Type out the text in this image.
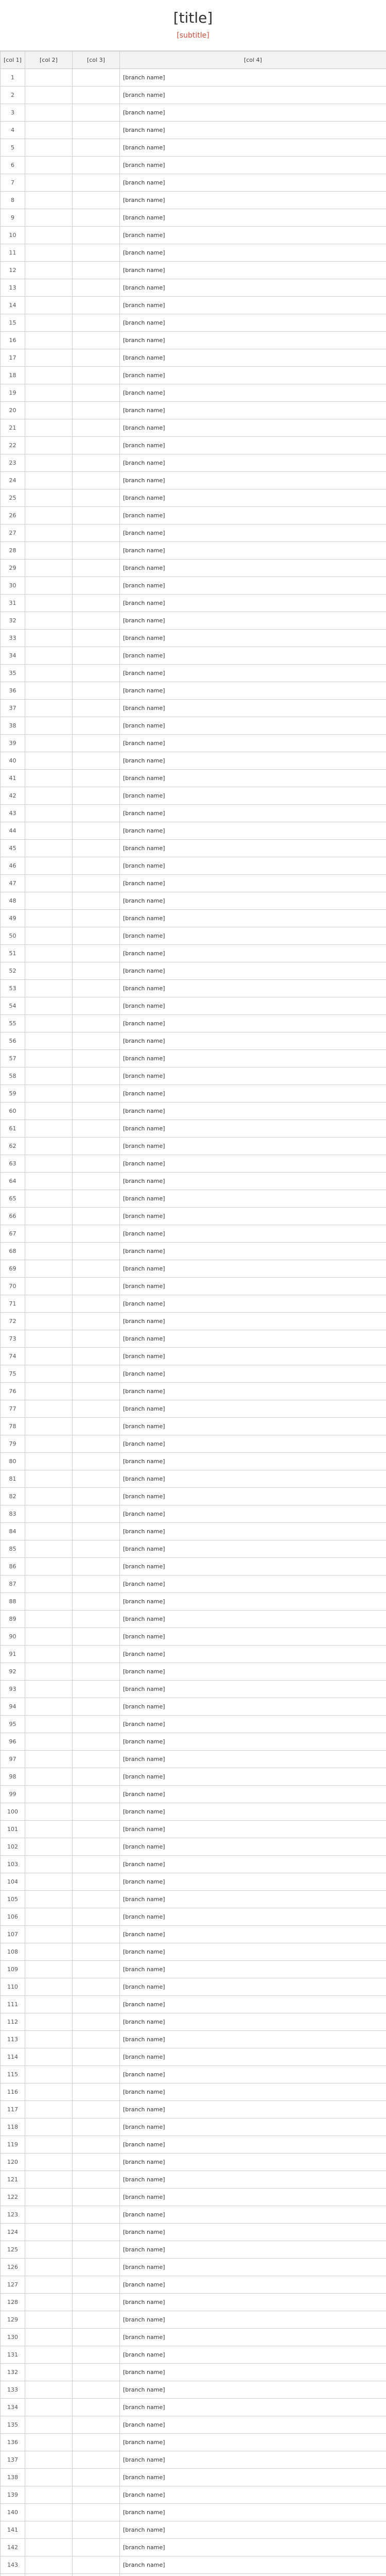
[title]
[subtitle]
[col 1]	[col 2]	[col 3]	[col 4]
1			[branch name]
2			[branch name]
3			[branch name]
4			[branch name]
5			[branch name]
6			[branch name]
7			[branch name]
8			[branch name]
9			[branch name]
10			[branch name]
11			[branch name]
12			[branch name]
13			[branch name]
14			[branch name]
15			[branch name]
16			[branch name]
17			[branch name]
18			[branch name]
19			[branch name]
20			[branch name]
21			[branch name]
22			[branch name]
23			[branch name]
24			[branch name]
25			[branch name]
26			[branch name]
27			[branch name]
28			[branch name]
29			[branch name]
30			[branch name]
31			[branch name]
32			[branch name]
33			[branch name]
34			[branch name]
35			[branch name]
36			[branch name]
37			[branch name]
38			[branch name]
39			[branch name]
40			[branch name]
41			[branch name]
42			[branch name]
43			[branch name]
44			[branch name]
45			[branch name]
46			[branch name]
47			[branch name]
48			[branch name]
49			[branch name]
50			[branch name]
51			[branch name]
52			[branch name]
53			[branch name]
54			[branch name]
55			[branch name]
56			[branch name]
57			[branch name]
58			[branch name]
59			[branch name]
60			[branch name]
61			[branch name]
62			[branch name]
63			[branch name]
64			[branch name]
65			[branch name]
66			[branch name]
67			[branch name]
68			[branch name]
69			[branch name]
70			[branch name]
71			[branch name]
72			[branch name]
73			[branch name]
74			[branch name]
75			[branch name]
76			[branch name]
77			[branch name]
78			[branch name]
79			[branch name]
80			[branch name]
81			[branch name]
82			[branch name]
83			[branch name]
84			[branch name]
85			[branch name]
86			[branch name]
87			[branch name]
88			[branch name]
89			[branch name]
90			[branch name]
91			[branch name]
92			[branch name]
93			[branch name]
94			[branch name]
95			[branch name]
96			[branch name]
97			[branch name]
98			[branch name]
99			[branch name]
100			[branch name]
101			[branch name]
102			[branch name]
103			[branch name]
104			[branch name]
105			[branch name]
106			[branch name]
107			[branch name]
108			[branch name]
109			[branch name]
110			[branch name]
111			[branch name]
112			[branch name]
113			[branch name]
114			[branch name]
115			[branch name]
116			[branch name]
117			[branch name]
118			[branch name]
119			[branch name]
120			[branch name]
121			[branch name]
122			[branch name]
123			[branch name]
124			[branch name]
125			[branch name]
126			[branch name]
127			[branch name]
128			[branch name]
129			[branch name]
130			[branch name]
131			[branch name]
132			[branch name]
133			[branch name]
134			[branch name]
135			[branch name]
136			[branch name]
137			[branch name]
138			[branch name]
139			[branch name]
140			[branch name]
141			[branch name]
142			[branch name]
143			[branch name]
